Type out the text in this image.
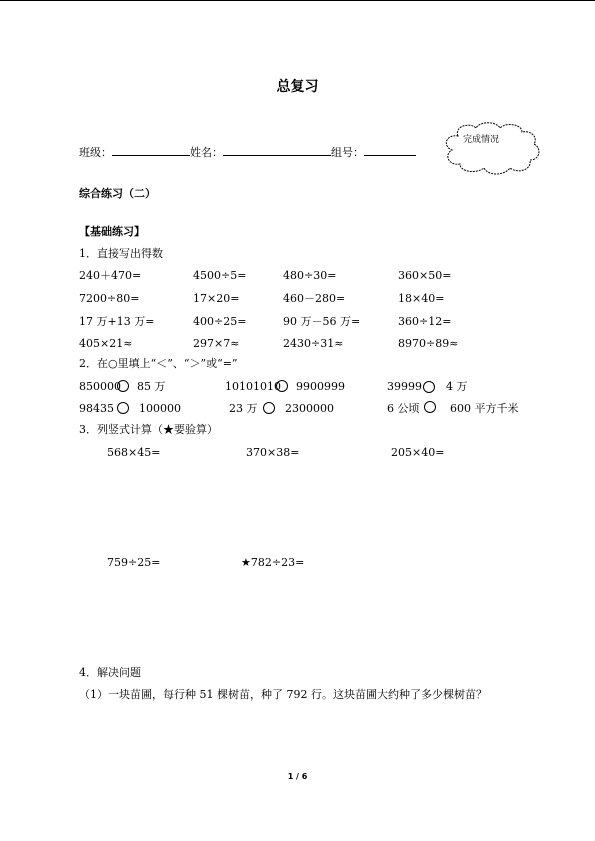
总复习
班级：	姓名：	组号：
完成情况
综合练习（二）
【基础练习】
1．直接写出得数
240＋470=	4500÷5=	480÷30=	360×50=
7200÷80=	17×20=	460－280=	18×40=
17 万+13 万=	400÷25=	90 万－56 万=	360÷12=
405×21≈	297×7≈	2430÷31≈	8970÷89≈
2．在○里填上“＜”、“＞”或“=”
850000 85 万	10101010 9900999	39999 4 万
98435 100000	23 万	2300000	6 公顷	600 平方千米
3．列竖式计算（★要验算）
568×45=	370×38=	205×40=
759÷25=	★782÷23=
4．解决问题
（1）一块苗圃，每行种 51 棵树苗，种了 792 行。这块苗圃大约种了多少棵树苗？
1 / 6
